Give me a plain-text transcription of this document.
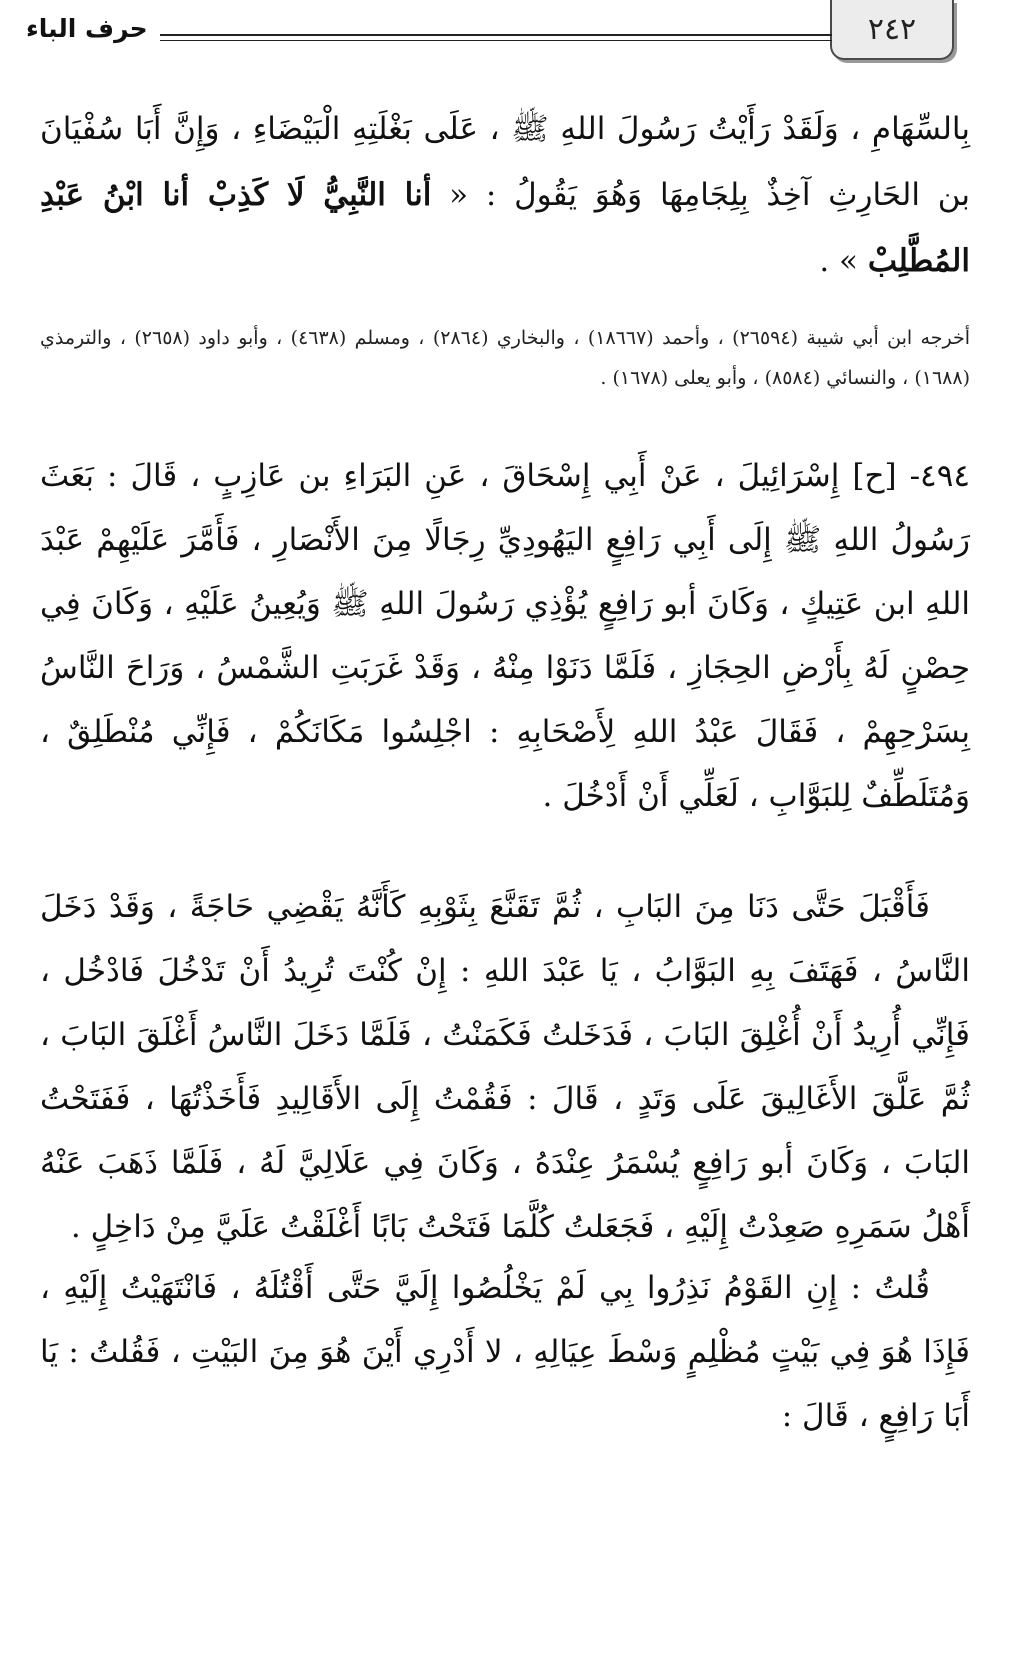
٢٤٢
حرف الباء

بِالسِّهَامِ ، وَلَقَدْ رَأَيْتُ رَسُولَ اللهِ ﷺ ، عَلَى بَغْلَتِهِ الْبَيْضَاءِ ، وَإِنَّ أَبَا سُفْيَانَ بن الحَارِثِ آخِذٌ بِلِجَامِهَا وَهُوَ يَقُولُ : « أنا النَّبِيُّ لَا كَذِبْ أنا ابْنُ عَبْدِ المُطَّلِبْ » .

أخرجه ابن أبي شيبة (٢٦٥٩٤) ، وأحمد (١٨٦٦٧) ، والبخاري (٢٨٦٤) ، ومسلم (٤٦٣٨) ، وأبو داود (٢٦٥٨) ، والترمذي (١٦٨٨) ، والنسائي (٨٥٨٤) ، وأبو يعلى (١٦٧٨) .

٤٩٤- [ح] إِسْرَائِيلَ ، عَنْ أَبِي إِسْحَاقَ ، عَنِ البَرَاءِ بن عَازِبٍ ، قَالَ : بَعَثَ رَسُولُ اللهِ ﷺ إِلَى أَبِي رَافِعٍ اليَهُودِيِّ رِجَالًا مِنَ الأَنْصَارِ ، فَأَمَّرَ عَلَيْهِمْ عَبْدَ اللهِ ابن عَتِيكٍ ، وَكَانَ أبو رَافِعٍ يُؤْذِي رَسُولَ اللهِ ﷺ وَيُعِينُ عَلَيْهِ ، وَكَانَ فِي حِصْنٍ لَهُ بِأَرْضِ الحِجَازِ ، فَلَمَّا دَنَوْا مِنْهُ ، وَقَدْ غَرَبَتِ الشَّمْسُ ، وَرَاحَ النَّاسُ بِسَرْحِهِمْ ، فَقَالَ عَبْدُ اللهِ لِأَصْحَابِهِ : اجْلِسُوا مَكَانَكُمْ ، فَإِنِّي مُنْطَلِقٌ ، وَمُتَلَطِّفٌ لِلبَوَّابِ ، لَعَلِّي أَنْ أَدْخُلَ .

فَأَقْبَلَ حَتَّى دَنَا مِنَ البَابِ ، ثُمَّ تَقَنَّعَ بِثَوْبِهِ كَأَنَّهُ يَقْضِي حَاجَةً ، وَقَدْ دَخَلَ النَّاسُ ، فَهَتَفَ بِهِ البَوَّابُ ، يَا عَبْدَ اللهِ : إِنْ كُنْتَ تُرِيدُ أَنْ تَدْخُلَ فَادْخُل ، فَإِنِّي أُرِيدُ أَنْ أُغْلِقَ البَابَ ، فَدَخَلتُ فَكَمَنْتُ ، فَلَمَّا دَخَلَ النَّاسُ أَغْلَقَ البَابَ ، ثُمَّ عَلَّقَ الأَغَالِيقَ عَلَى وَتَدٍ ، قَالَ : فَقُمْتُ إِلَى الأَقَالِيدِ فَأَخَذْتُهَا ، فَفَتَحْتُ البَابَ ، وَكَانَ أبو رَافِعٍ يُسْمَرُ عِنْدَهُ ، وَكَانَ فِي عَلَالِيَّ لَهُ ، فَلَمَّا ذَهَبَ عَنْهُ أَهْلُ سَمَرِهِ صَعِدْتُ إِلَيْهِ ، فَجَعَلتُ كُلَّمَا فَتَحْتُ بَابًا أَغْلَقْتُ عَلَيَّ مِنْ دَاخِلٍ .

قُلتُ : إِنِ القَوْمُ نَذِرُوا بِي لَمْ يَخْلُصُوا إِلَيَّ حَتَّى أَقْتُلَهُ ، فَانْتَهَيْتُ إِلَيْهِ ، فَإِذَا هُوَ فِي بَيْتٍ مُظْلِمٍ وَسْطَ عِيَالِهِ ، لا أَدْرِي أَيْنَ هُوَ مِنَ البَيْتِ ، فَقُلتُ : يَا أَبَا رَافِعٍ ، قَالَ :
